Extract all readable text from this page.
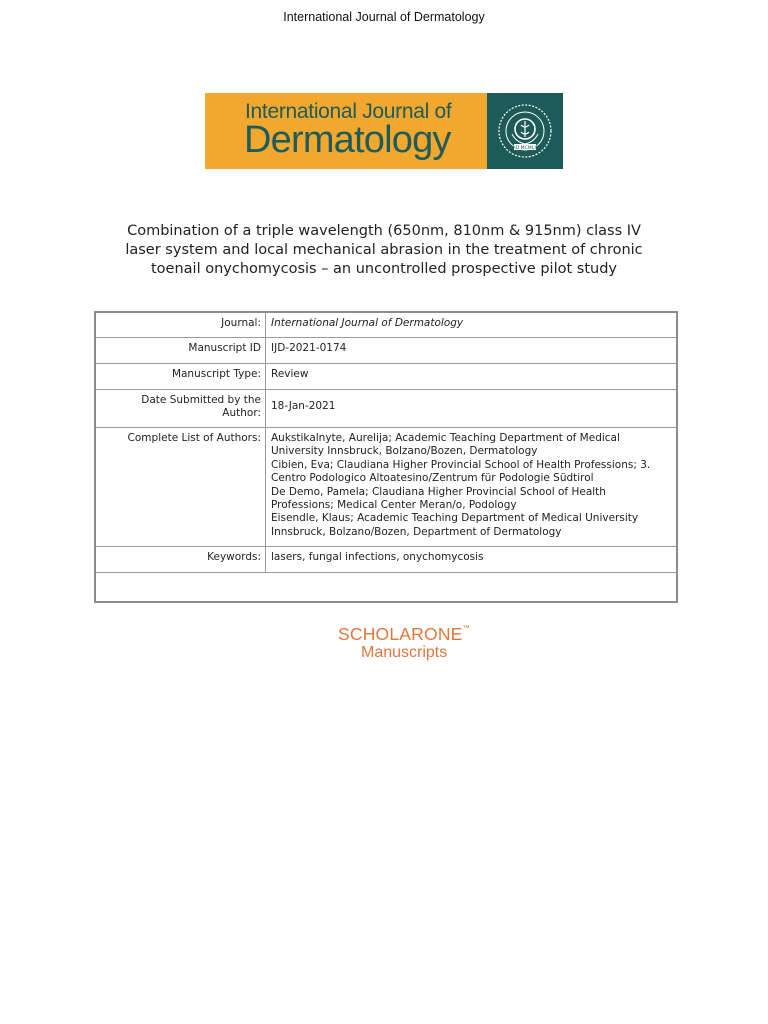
International Journal of Dermatology
International Journal of
Dermatology	AD MCMLX
Combination of a triple wavelength (650nm, 810nm & 915nm) class IV laser system and local mechanical abrasion in the treatment of chronic toenail onychomycosis – an uncontrolled prospective pilot study
Journal: International Journal of Dermatology
Manuscript ID IJD-2021-0174
Manuscript Type: Review
Date Submitted by the Author:
18-Jan-2021
Complete List of Authors: Aukstikalnyte, Aurelija; Academic Teaching Department of Medical
University Innsbruck, Bolzano/Bozen, Dermatology
Cibien, Eva; Claudiana Higher Provincial School of Health Professions; 3.
Centro Podologico Altoatesino/Zentrum für Podologie Südtirol
De Demo, Pamela; Claudiana Higher Provincial School of Health
Professions; Medical Center Meran/o, Podology
Eisendle, Klaus; Academic Teaching Department of Medical University
Innsbruck, Bolzano/Bozen, Department of Dermatology
Keywords: lasers, fungal infections, onychomycosis
SCHOLARONE™
Manuscripts
